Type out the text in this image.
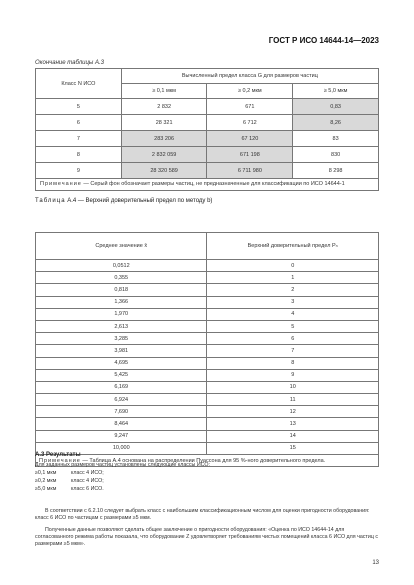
ГОСТ Р ИСО 14644-14—2023
Окончание таблицы А.3
Класс N ИСО	Вычисленный предел класса G для размеров частиц		
	≥ 0,1 мкм	≥ 0,2 мкм	≥ 5,0 мкм
5	2 832	671	0,83
6	28 321	6 712	8,26
7	283 206	67 120	83
8	2 832 059	671 198	830
9	28 320 589	6 711 980	8 298
Примечание — Серый фон обозначает размеры частиц, не предназначенные для классификации по ИСО 14644-1			
Таблица А.4 — Верхний доверительный предел по методу b)
Среднее значение x̄	Верхний доверительный предел Pₙ
0,0512	0
0,355	1
0,818	2
1,366	3
1,970	4
2,613	5
3,285	6
3,981	7
4,695	8
5,425	9
6,169	10
6,924	11
7,690	12
8,464	13
9,247	14
10,000	15
Примечание — Таблица А.4 основана на распределении Пуассона для 95 %-ного доверительного предела.	
А.3 Результаты
Для заданных размеров частиц установлены следующие классы ИСО:
≥0,1 мкм	класс 4 ИСО;
≥0,2 мкм	класс 4 ИСО;
≥5,0 мкм	класс 6 ИСО.
В соответствии с 6.2.10 следует выбрать класс с наибольшим классификационным числом для оценки пригодности оборудования: класс 6 ИСО по частицам с размерами ≥5 мкм.
Полученные данные позволяют сделать общее заключение о пригодности оборудования: «Оценка по ИСО 14644-14 для согласованного режима работы показала, что оборудование Z удовлетворяет требованиям чистых помещений класса 6 ИСО для частиц с размерами ≥5 мкм».
13
